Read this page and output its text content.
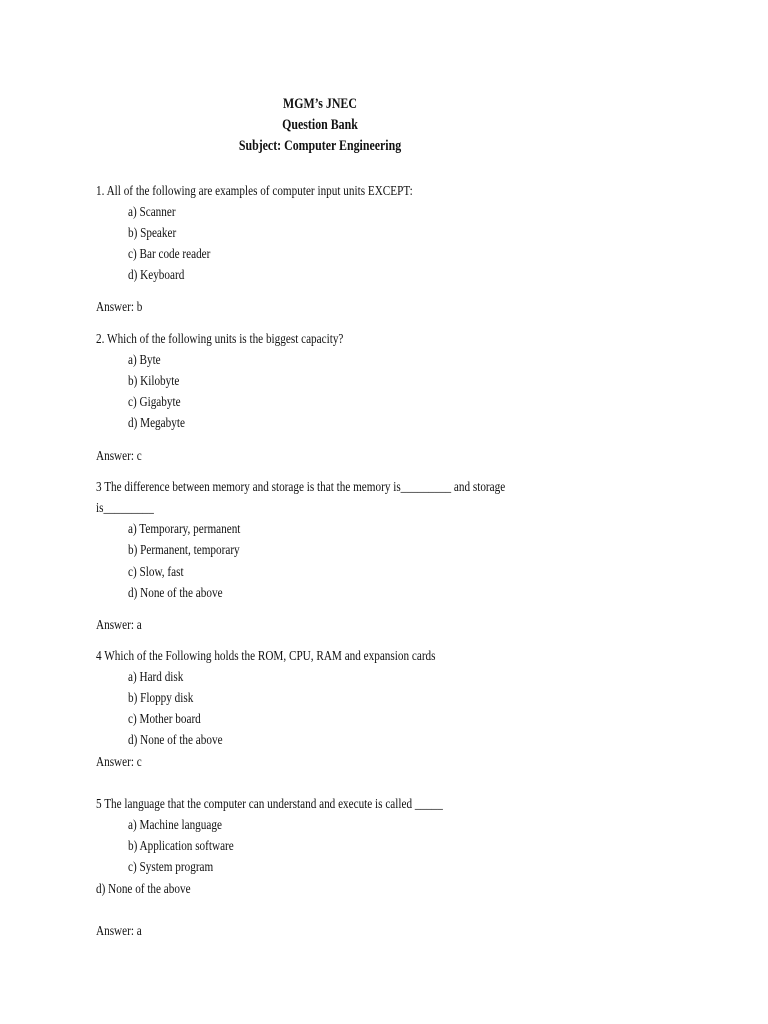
MGM’s JNEC
Question Bank
Subject: Computer Engineering
1. All of the following are examples of computer input units EXCEPT:
a) Scanner
b) Speaker
c) Bar code reader
d) Keyboard
Answer: b
2. Which of the following units is the biggest capacity?
a) Byte
b) Kilobyte
c) Gigabyte
d) Megabyte
Answer: c
3 The difference between memory and storage is that the memory is_________ and storage
is_________
a) Temporary, permanent
b) Permanent, temporary
c) Slow, fast
d) None of the above
Answer: a
4 Which of the Following holds the ROM, CPU, RAM and expansion cards
a) Hard disk
b) Floppy disk
c) Mother board
d) None of the above
Answer: c
5 The language that the computer can understand and execute is called _____
a) Machine language
b) Application software
c) System program
d) None of the above
Answer: a
